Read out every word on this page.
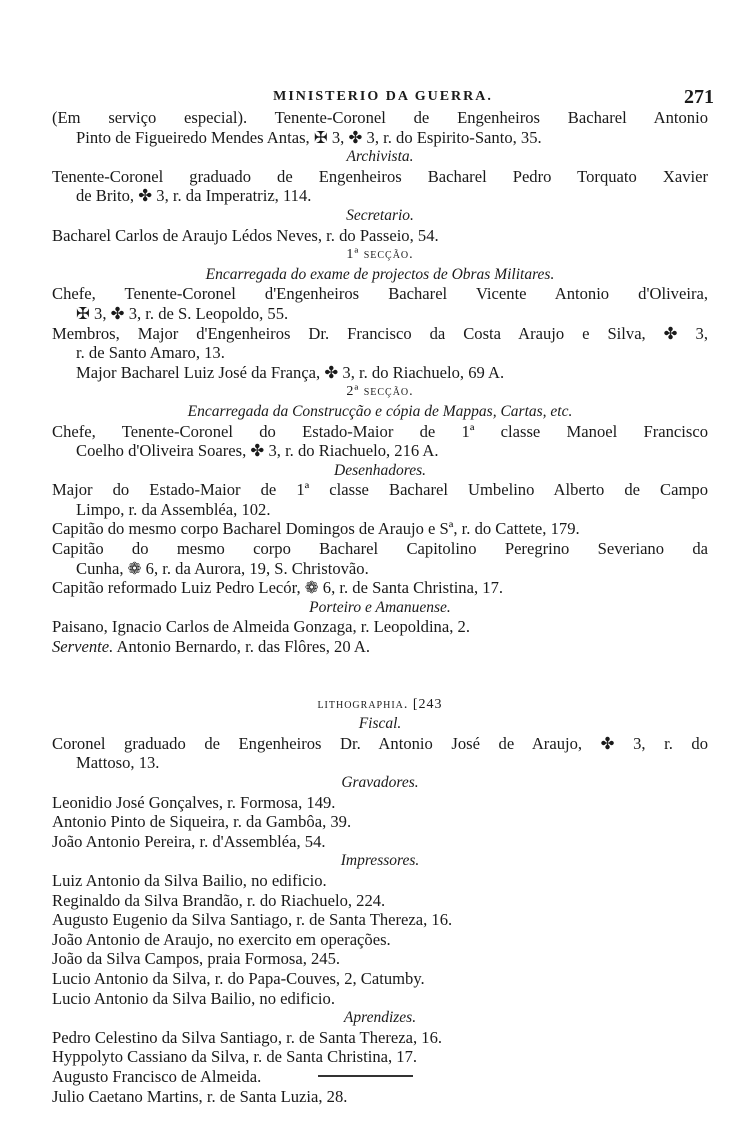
MINISTERIO DA GUERRA.	271
(Em serviço especial). Tenente-Coronel de Engenheiros Bacharel Antonio
Pinto de Figueiredo Mendes Antas, ✠ 3, ✤ 3, r. do Espirito-Santo, 35.
Archivista.
Tenente-Coronel graduado de Engenheiros Bacharel Pedro Torquato Xavier
de Brito, ✤ 3, r. da Imperatriz, 114.
Secretario.
Bacharel Carlos de Araujo Lédos Neves, r. do Passeio, 54.
1ª secção.
Encarregada do exame de projectos de Obras Militares.
Chefe, Tenente-Coronel d'Engenheiros Bacharel Vicente Antonio d'Oliveira,
✠ 3, ✤ 3, r. de S. Leopoldo, 55.
Membros, Major d'Engenheiros Dr. Francisco da Costa Araujo e Silva, ✤ 3,
r. de Santo Amaro, 13.
Major Bacharel Luiz José da França, ✤ 3, r. do Riachuelo, 69 A.
2ª secção.
Encarregada da Construcção e cópia de Mappas, Cartas, etc.
Chefe, Tenente-Coronel do Estado-Maior de 1ª classe Manoel Francisco
Coelho d'Oliveira Soares, ✤ 3, r. do Riachuelo, 216 A.
Desenhadores.
Major do Estado-Maior de 1ª classe Bacharel Umbelino Alberto de Campo
Limpo, r. da Assembléa, 102.
Capitão do mesmo corpo Bacharel Domingos de Araujo e Sª, r. do Cattete, 179.
Capitão do mesmo corpo Bacharel Capitolino Peregrino Severiano da
Cunha, ❁ 6, r. da Aurora, 19, S. Christovão.
Capitão reformado Luiz Pedro Lecór, ❁ 6, r. de Santa Christina, 17.
Porteiro e Amanuense.
Paisano, Ignacio Carlos de Almeida Gonzaga, r. Leopoldina, 2.
Servente. Antonio Bernardo, r. das Flôres, 20 A.
lithographia. [243
Fiscal.
Coronel graduado de Engenheiros Dr. Antonio José de Araujo, ✤ 3, r. do
Mattoso, 13.
Gravadores.
Leonidio José Gonçalves, r. Formosa, 149.
Antonio Pinto de Siqueira, r. da Gambôa, 39.
João Antonio Pereira, r. d'Assembléa, 54.
Impressores.
Luiz Antonio da Silva Bailio, no edificio.
Reginaldo da Silva Brandão, r. do Riachuelo, 224.
Augusto Eugenio da Silva Santiago, r. de Santa Thereza, 16.
João Antonio de Araujo, no exercito em operações.
João da Silva Campos, praia Formosa, 245.
Lucio Antonio da Silva, r. do Papa-Couves, 2, Catumby.
Lucio Antonio da Silva Bailio, no edificio.
Aprendizes.
Pedro Celestino da Silva Santiago, r. de Santa Thereza, 16.
Hyppolyto Cassiano da Silva, r. de Santa Christina, 17.
Augusto Francisco de Almeida.
Julio Caetano Martins, r. de Santa Luzia, 28.
